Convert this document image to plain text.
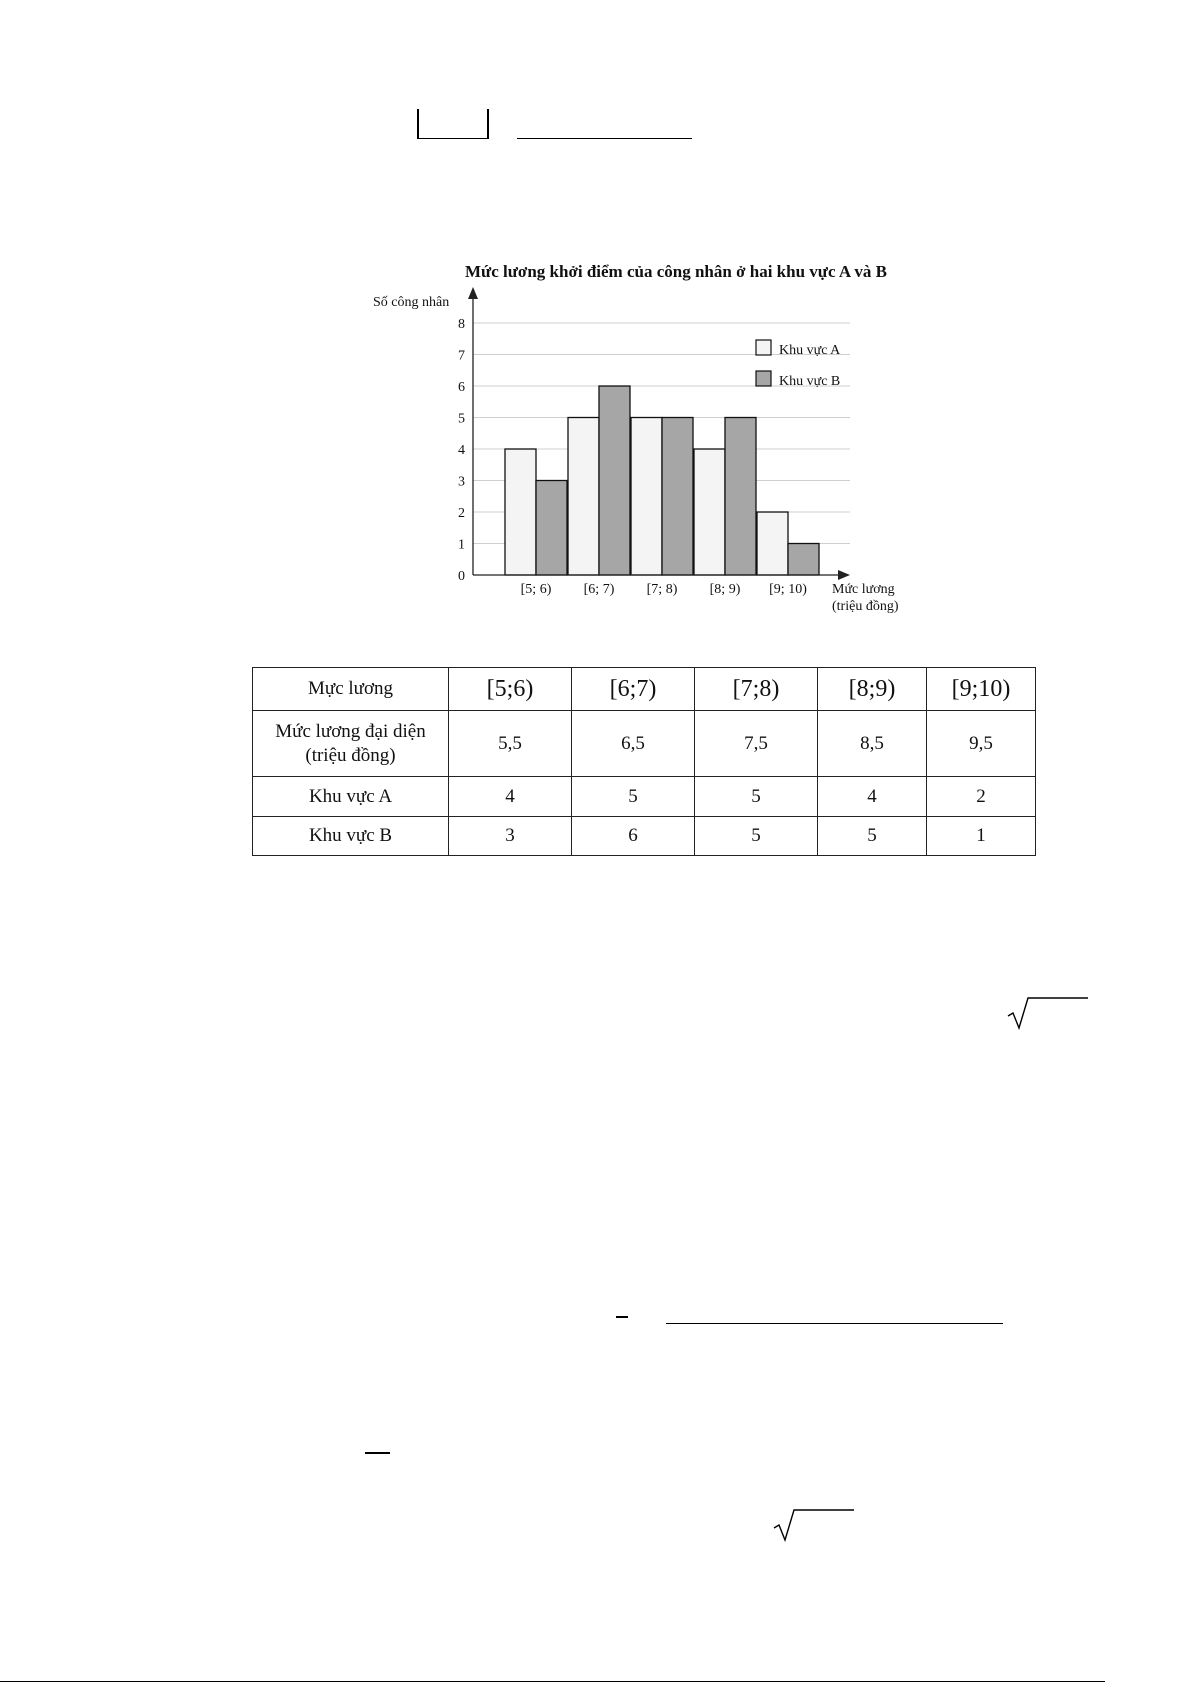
Mức lương khởi điểm của công nhân ở hai khu vực A và B
Số công nhân
0
1
2
3
4
5
6
7
8
[5; 6) [6; 7) [7; 8) [8; 9) [9; 10) Mức lương
(triệu đồng)
Khu vực A
Khu vực B
Mực lương	[5;6)	[6;7)	[7;8)	[8;9)	[9;10)
Mức lương đại diện
(triệu đồng)	5,5	6,5	7,5	8,5	9,5
Khu vực A	4	5	5	4	2
Khu vực B	3	6	5	5	1
